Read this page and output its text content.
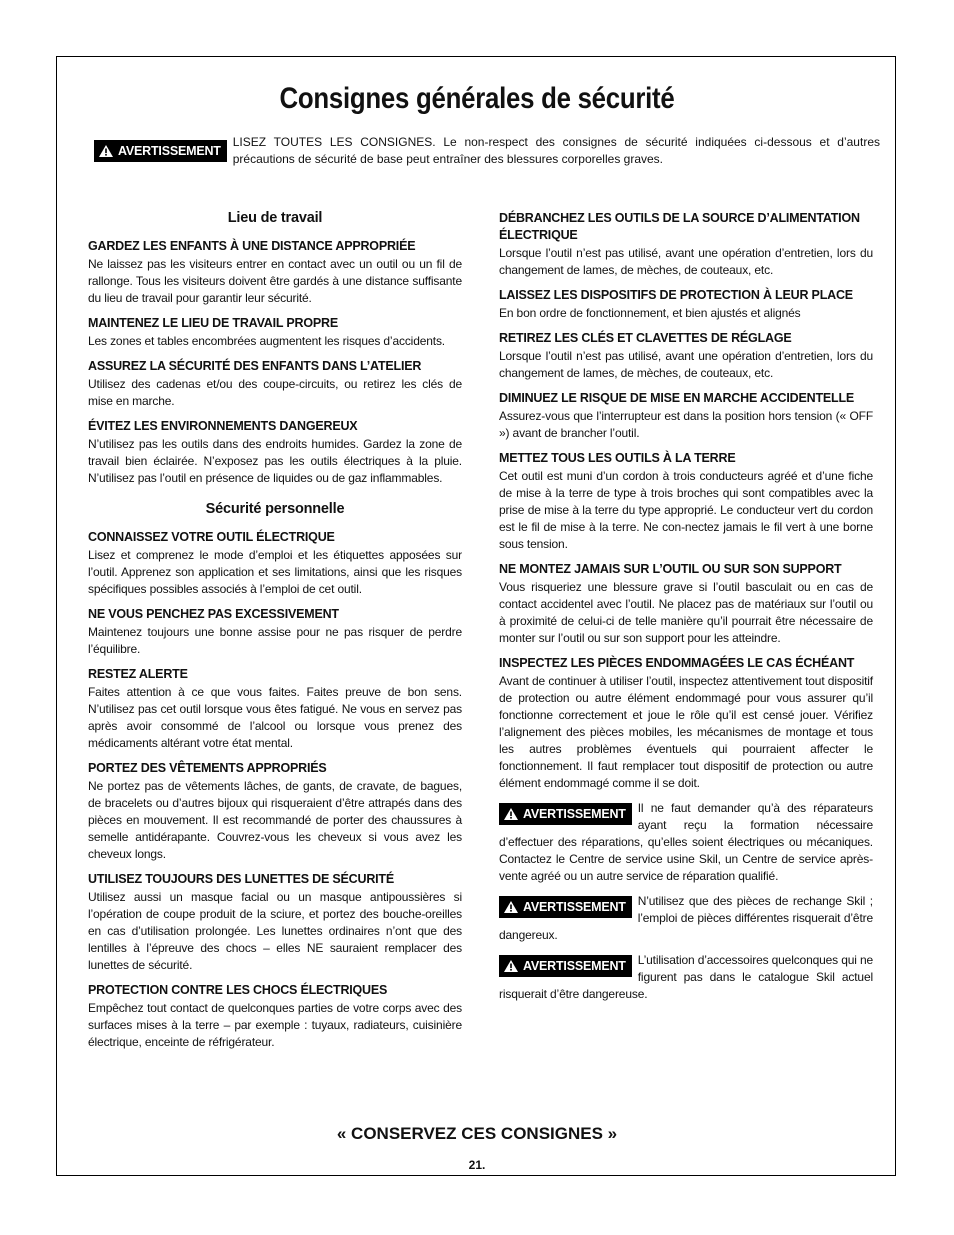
Consignes générales de sécurité
AVERTISSEMENT

LISEZ TOUTES LES CONSIGNES. Le non-respect des consignes de sécurité indiquées ci-dessous et d’autres précautions de sécurité de base peut entraîner des blessures corporelles graves.

Lieu de travail
GARDEZ LES ENFANTS À UNE DISTANCE APPROPRIÉE

Ne laissez pas les visiteurs entrer en contact avec un outil ou un fil de rallonge. Tous les visiteurs doivent être gardés à une distance suffisante du lieu de travail pour garantir leur sécurité.

MAINTENEZ LE LIEU DE TRAVAIL PROPRE

Les zones et tables encombrées augmentent les risques d’accidents.

ASSUREZ LA SÉCURITÉ DES ENFANTS DANS L’ATELIER

Utilisez des cadenas et/ou des coupe-circuits, ou retirez les clés de mise en marche.

ÉVITEZ LES ENVIRONNEMENTS DANGEREUX

N’utilisez pas les outils dans des endroits humides. Gardez la zone de travail bien éclairée. N’exposez pas les outils électriques à la pluie. N’utilisez pas l’outil en présence de liquides ou de gaz inflammables.

Sécurité personnelle
CONNAISSEZ VOTRE OUTIL ÉLECTRIQUE

Lisez et comprenez le mode d’emploi et les étiquettes apposées sur l’outil. Apprenez son application et ses limitations, ainsi que les risques spécifiques possibles associés à l’emploi de cet outil.

NE VOUS PENCHEZ PAS EXCESSIVEMENT

Maintenez toujours une bonne assise pour ne pas risquer de perdre l’équilibre.

RESTEZ ALERTE

Faites attention à ce que vous faites. Faites preuve de bon sens. N’utilisez pas cet outil lorsque vous êtes fatigué. Ne vous en servez pas après avoir consommé de l’alcool ou lorsque vous prenez des médicaments altérant votre état mental.

PORTEZ DES VÊTEMENTS APPROPRIÉS

Ne portez pas de vêtements lâches, de gants, de cravate, de bagues, de bracelets ou d’autres bijoux qui risqueraient d’être attrapés dans des pièces en mouvement. Il est recommandé de porter des chaussures à semelle antidérapante. Couvrez-vous les cheveux si vous avez les cheveux longs.

UTILISEZ TOUJOURS DES LUNETTES DE SÉCURITÉ

Utilisez aussi un masque facial ou un masque antipoussières si l’opération de coupe produit de la sciure, et portez des bouche-oreilles en cas d’utilisation prolongée. Les lunettes ordinaires n’ont que des lentilles à l’épreuve des chocs – elles NE sauraient remplacer des lunettes de sécurité.

PROTECTION CONTRE LES CHOCS ÉLECTRIQUES

Empêchez tout contact de quelconques parties de votre corps avec des surfaces mises à la terre – par exemple : tuyaux, radiateurs, cuisinière électrique, enceinte de réfrigérateur.

DÉBRANCHEZ LES OUTILS DE LA SOURCE D’ALIMENTATION ÉLECTRIQUE

Lorsque l’outil n’est pas utilisé, avant une opération d’entretien, lors du changement de lames, de mèches, de couteaux, etc.

LAISSEZ LES DISPOSITIFS DE PROTECTION À LEUR PLACE

En bon ordre de fonctionnement, et bien ajustés et alignés

RETIREZ LES CLÉS ET CLAVETTES DE RÉGLAGE

Lorsque l’outil n’est pas utilisé, avant une opération d’entretien, lors du changement de lames, de mèches, de couteaux, etc.

DIMINUEZ LE RISQUE DE MISE EN MARCHE ACCIDENTELLE

Assurez-vous que l’interrupteur est dans la position hors tension (« OFF ») avant de brancher l’outil.

METTEZ TOUS LES OUTILS À LA TERRE

Cet outil est muni d’un cordon à trois conducteurs agréé et d’une fiche de mise à la terre de type à trois broches qui sont compatibles avec la prise de mise à la terre du type approprié. Le conducteur vert du cordon est le fil de mise à la terre. Ne con-nectez jamais le fil vert à une borne sous tension.

NE MONTEZ JAMAIS SUR L’OUTIL OU SUR SON SUPPORT

Vous risqueriez une blessure grave si l’outil basculait ou en cas de contact accidentel avec l’outil. Ne placez pas de matériaux sur l’outil ou à proximité de celui-ci de telle manière qu’il pourrait être nécessaire de monter sur l’outil ou sur son support pour les atteindre.

INSPECTEZ LES PIÈCES ENDOMMAGÉES LE CAS ÉCHÉANT

Avant de continuer à utiliser l’outil, inspectez attentivement tout dispositif de protection ou autre élément endommagé pour vous assurer qu’il fonctionne correctement et joue le rôle qu’il est censé jouer. Vérifiez l’alignement des pièces mobiles, les mécanismes de montage et tous les autres problèmes éventuels qui pourraient affecter le fonctionnement. Il faut remplacer tout dispositif de protection ou autre élément endommagé comme il se doit.

AVERTISSEMENT	Il ne faut demander qu’à des réparateurs ayant reçu la formation nécessaire d’effectuer des réparations, qu’elles soient électriques ou mécaniques. Contactez le Centre de service usine Skil, un Centre de service après-vente agréé ou un autre service de réparation qualifié.

AVERTISSEMENT	N’utilisez que des pièces de rechange Skil ; l’emploi de pièces différentes risquerait d’être dangereux.

AVERTISSEMENT	L’utilisation d’accessoires quelconques qui ne figurent pas dans le catalogue Skil actuel risquerait d’être dangereuse.

« CONSERVEZ CES CONSIGNES »

21.
